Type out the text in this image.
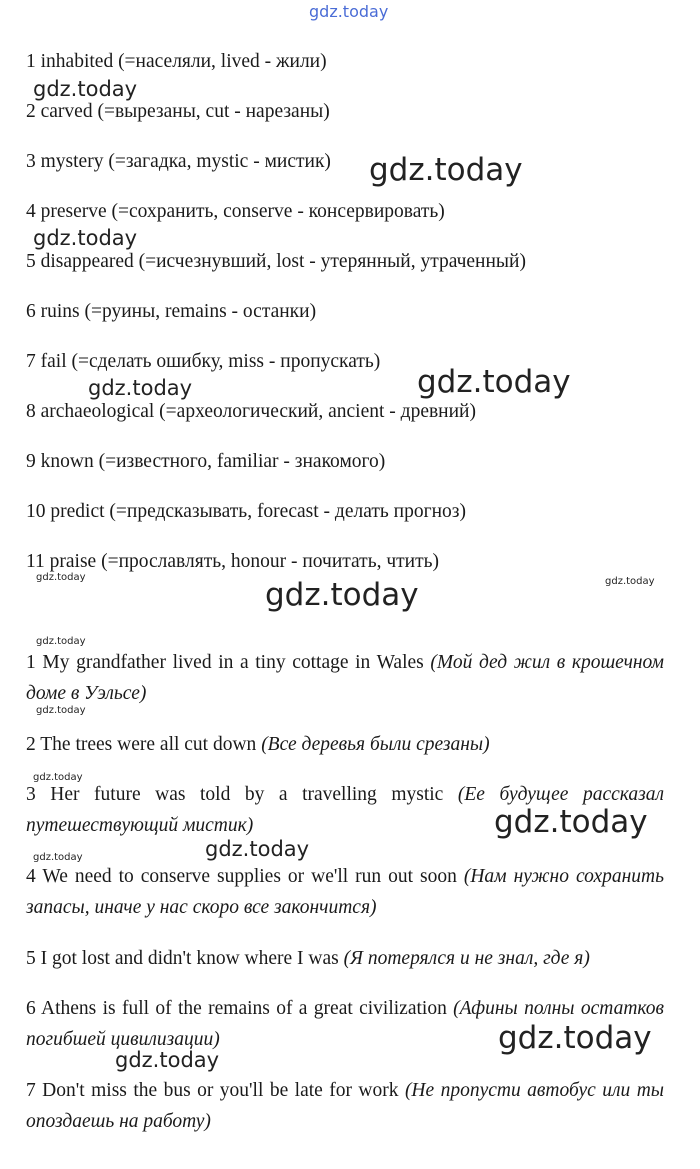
gdz.today
1 inhabited (=населяли, lived - жили)
2 carved (=вырезаны, cut - нарезаны)
3 mystery (=загадка, mystic - мистик)
4 preserve (=сохранить, conserve - консервировать)
5 disappeared (=исчезнувший, lost - утерянный, утраченный)
6 ruins (=руины, remains - останки)
7 fail (=сделать ошибку, miss - пропускать)
8 archaeological (=археологический, ancient - древний)
9 known (=известного, familiar - знакомого)
10 predict (=предсказывать, forecast - делать прогноз)
11 praise (=прославлять, honour - почитать, чтить)
1 My grandfather lived in a tiny cottage in Wales (Мой дед жил в крошечном доме в Уэльсе)
2 The trees were all cut down (Все деревья были срезаны)
3 Her future was told by a travelling mystic (Ее будущее рассказал путешествующий мистик)
4 We need to conserve supplies or we'll run out soon (Нам нужно сохранить запасы, иначе у нас скоро все закончится)
5 I got lost and didn't know where I was (Я потерялся и не знал, где я)
6 Athens is full of the remains of a great civilization (Афины полны остатков погибшей цивилизации)
7 Don't miss the bus or you'll be late for work (Не пропусти автобус или ты опоздаешь на работу)
gdz.today
gdz.today
gdz.today
gdz.today	gdz.today
gdz.today	gdz.today
gdz.today
gdz.today
gdz.today
gdz.today
gdz.today
gdz.today
gdz.today
gdz.today
gdz.today
